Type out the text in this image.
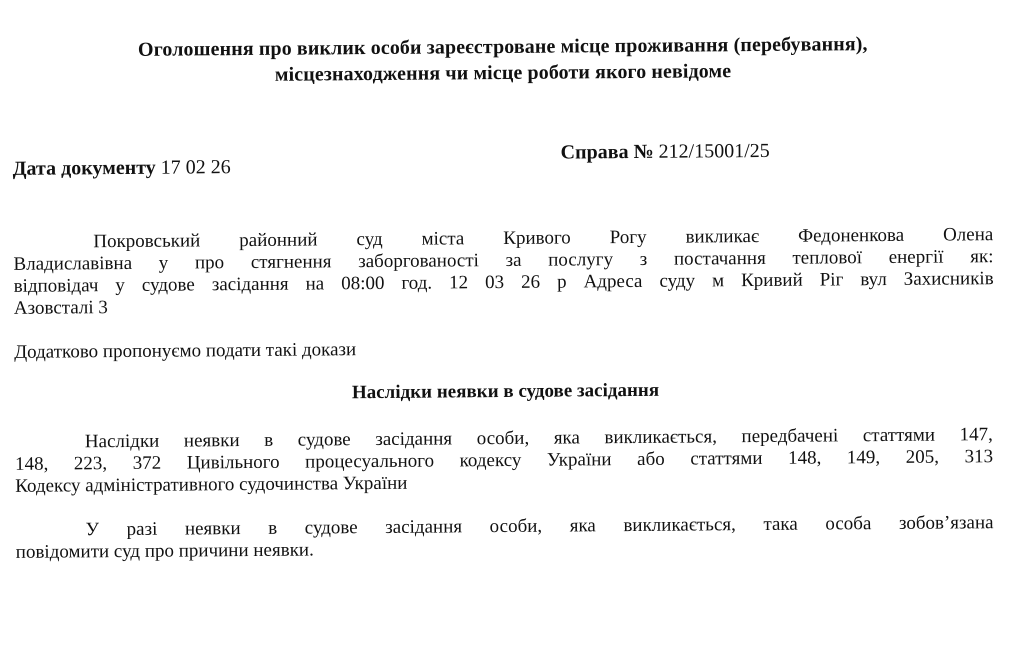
Оголошення про виклик особи зареєстроване місце проживання (перебування),
місцезнаходження чи місце роботи якого невідоме
Дата документу 17 02 26
Справа № 212/15001/25
Покровський районний суд міста Кривого Рогу викликає Федоненкова Олена
Владиславівна у про стягнення заборгованості за послугу з постачання теплової енергії як:
відповідач у судове засідання на 08:00 год. 12 03 26 р Адреса суду м Кривий Ріг вул Захисників
Азовсталі 3
Додатково пропонуємо подати такі докази
Наслідки неявки в судове засідання
Наслідки неявки в судове засідання особи, яка викликається, передбачені статтями 147,
148, 223, 372 Цивільного процесуального кодексу України або статтями 148, 149, 205, 313
Кодексу адміністративного судочинства України
У разі неявки в судове засідання особи, яка викликається, така особа зобов’язана
повідомити суд про причини неявки.
